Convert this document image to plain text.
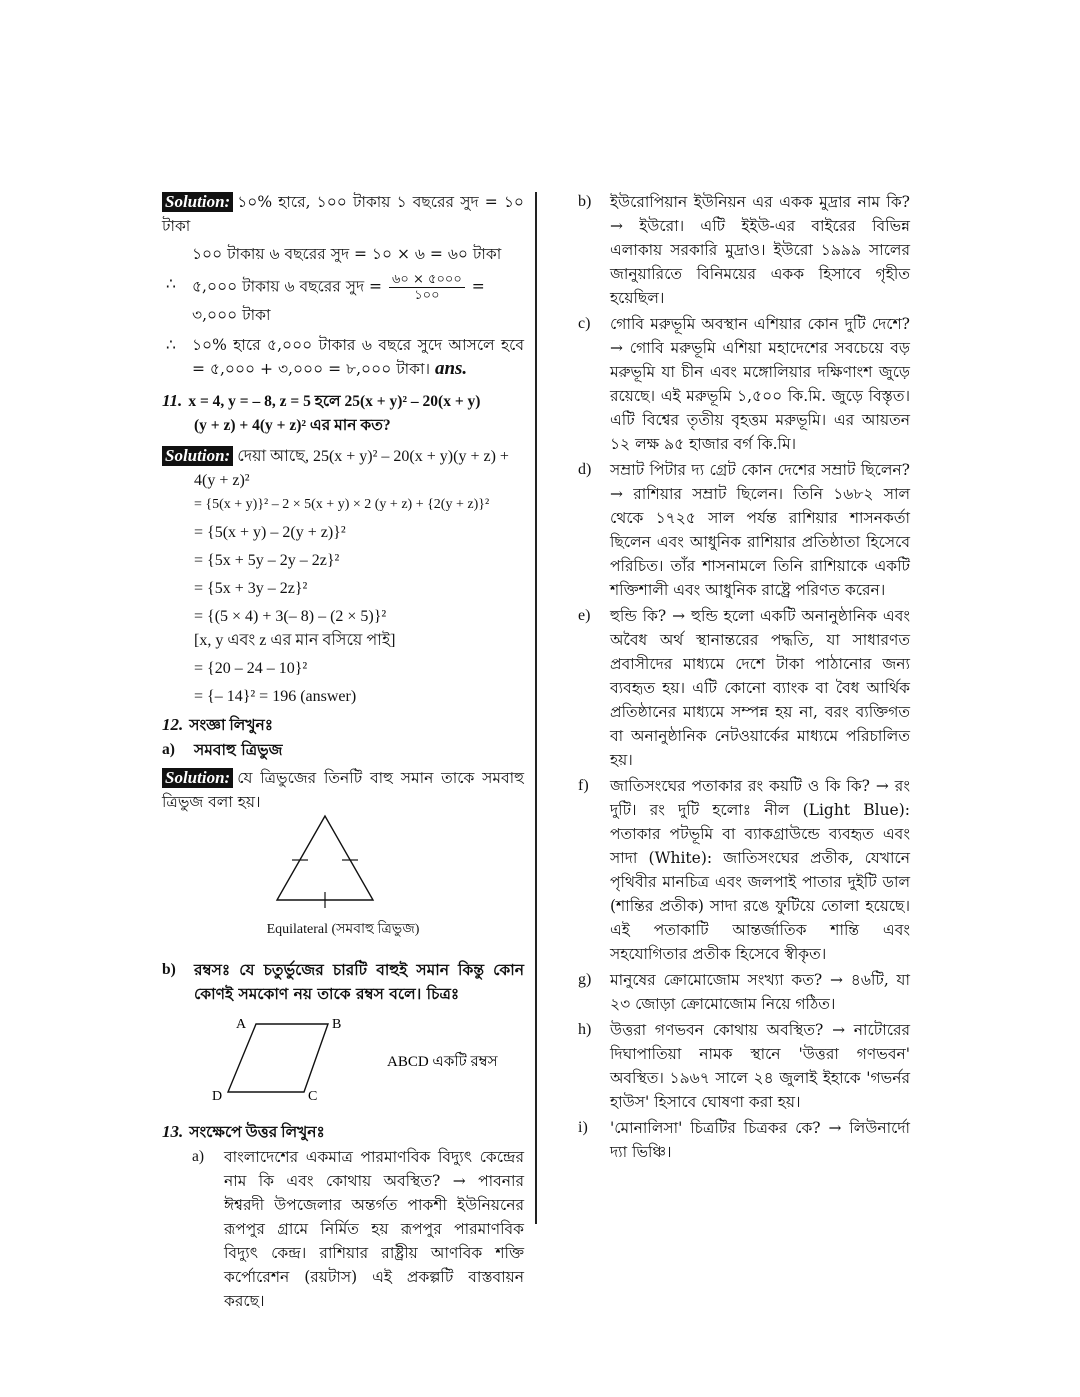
Solution: ১০% হারে, ১০০ টাকায় ১ বছরের সুদ = ১০ টাকা

১০০ টাকায় ৬ বছরের সুদ = ১০ × ৬ = ৬০ টাকা

∴ ৫,০০০ টাকায় ৬ বছরের সুদ = $\frac{৬০ \times ৫০০০}{১০০}$ = ৩,০০০ টাকা

∴ ১০% হারে ৫,০০০ টাকার ৬ বছরে সুদে আসলে হবে = ৫,০০০ + ৩,০০০ = ৮,০০০ টাকা। ans.

11. x = 4, y = – 8, z = 5 হলে 25(x + y)² – 20(x + y)

(y + z) + 4(y + z)² এর মান কত?

Solution: দেয়া আছে, 25(x + y)² – 20(x + y)(y + z) +

4(y + z)²

= {5(x + y)}² – 2 × 5(x + y) × 2 (y + z) + {2(y + z)}²

= {5(x + y) – 2(y + z)}²

= {5x + 5y – 2y – 2z}²

= {5x + 3y – 2z}²

= {(5 × 4) + 3(– 8) – (2 × 5)}²

[x, y এবং z এর মান বসিয়ে পাই]

= {20 – 24 – 10}²

= {– 14}² = 196 (answer)

12. সংজ্ঞা লিখুনঃ

a) সমবাহু ত্রিভুজ

Solution: যে ত্রিভুজের তিনটি বাহু সমান তাকে সমবাহু ত্রিভুজ বলা হয়।

Equilateral (সমবাহু ত্রিভুজ)

b) রম্বসঃ যে চতুর্ভুজের চারটি বাহুই সমান কিন্তু কোন কোণই সমকোণ নয় তাকে রম্বস বলে। চিত্রঃ

A	B
C
D
ABCD একটি রম্বস

13. সংক্ষেপে উত্তর লিখুনঃ

a) বাংলাদেশের একমাত্র পারমাণবিক বিদ্যুৎ কেন্দ্রের নাম কি এবং কোথায় অবস্থিত? → পাবনার ঈশ্বরদী উপজেলার অন্তর্গত পাকশী ইউনিয়নের রূপপুর গ্রামে নির্মিত হয় রূপপুর পারমাণবিক বিদ্যুৎ কেন্দ্র। রাশিয়ার রাষ্ট্রীয় আণবিক শক্তি কর্পোরেশন (রয়টাস) এই প্রকল্পটি বাস্তবায়ন করছে।

b) ইউরোপিয়ান ইউনিয়ন এর একক মুদ্রার নাম কি? → ইউরো। এটি ইইউ-এর বাইরের বিভিন্ন এলাকায় সরকারি মুদ্রাও। ইউরো ১৯৯৯ সালের জানুয়ারিতে বিনিময়ের একক হিসাবে গৃহীত হয়েছিল।

c) গোবি মরুভূমি অবস্থান এশিয়ার কোন দুটি দেশে? → গোবি মরুভূমি এশিয়া মহাদেশের সবচেয়ে বড় মরুভূমি যা চীন এবং মঙ্গোলিয়ার দক্ষিণাংশ জুড়ে রয়েছে। এই মরুভূমি ১,৫০০ কি.মি. জুড়ে বিস্তৃত। এটি বিশ্বের তৃতীয় বৃহত্তম মরুভূমি। এর আয়তন ১২ লক্ষ ৯৫ হাজার বর্গ কি.মি।

d) সম্রাট পিটার দ্য গ্রেট কোন দেশের সম্রাট ছিলেন? → রাশিয়ার সম্রাট ছিলেন। তিনি ১৬৮২ সাল থেকে ১৭২৫ সাল পর্যন্ত রাশিয়ার শাসনকর্তা ছিলেন এবং আধুনিক রাশিয়ার প্রতিষ্ঠাতা হিসেবে পরিচিত। তাঁর শাসনামলে তিনি রাশিয়াকে একটি শক্তিশালী এবং আধুনিক রাষ্ট্রে পরিণত করেন।

e) হুন্ডি কি? → হুন্ডি হলো একটি অনানুষ্ঠানিক এবং অবৈধ অর্থ স্থানান্তরের পদ্ধতি, যা সাধারণত প্রবাসীদের মাধ্যমে দেশে টাকা পাঠানোর জন্য ব্যবহৃত হয়। এটি কোনো ব্যাংক বা বৈধ আর্থিক প্রতিষ্ঠানের মাধ্যমে সম্পন্ন হয় না, বরং ব্যক্তিগত বা অনানুষ্ঠানিক নেটওয়ার্কের মাধ্যমে পরিচালিত হয়।

f) জাতিসংঘের পতাকার রং কয়টি ও কি কি? → রং দুটি। রং দুটি হলোঃ নীল (Light Blue): পতাকার পটভূমি বা ব্যাকগ্রাউন্ডে ব্যবহৃত এবং সাদা (White): জাতিসংঘের প্রতীক, যেখানে পৃথিবীর মানচিত্র এবং জলপাই পাতার দুইটি ডাল (শান্তির প্রতীক) সাদা রঙে ফুটিয়ে তোলা হয়েছে। এই পতাকাটি আন্তর্জাতিক শান্তি এবং সহযোগিতার প্রতীক হিসেবে স্বীকৃত।

g) মানুষের ক্রোমোজোম সংখ্যা কত? → ৪৬টি, যা ২৩ জোড়া ক্রোমোজোম নিয়ে গঠিত।

h) উত্তরা গণভবন কোথায় অবস্থিত? → নাটোরের দিঘাপাতিয়া নামক স্থানে 'উত্তরা গণভবন' অবস্থিত। ১৯৬৭ সালে ২৪ জুলাই ইহাকে 'গভর্নর হাউস' হিসাবে ঘোষণা করা হয়।

i) 'মোনালিসা' চিত্রটির চিত্রকর কে? → লিউনার্দো দ্যা ভিঞ্চি।
